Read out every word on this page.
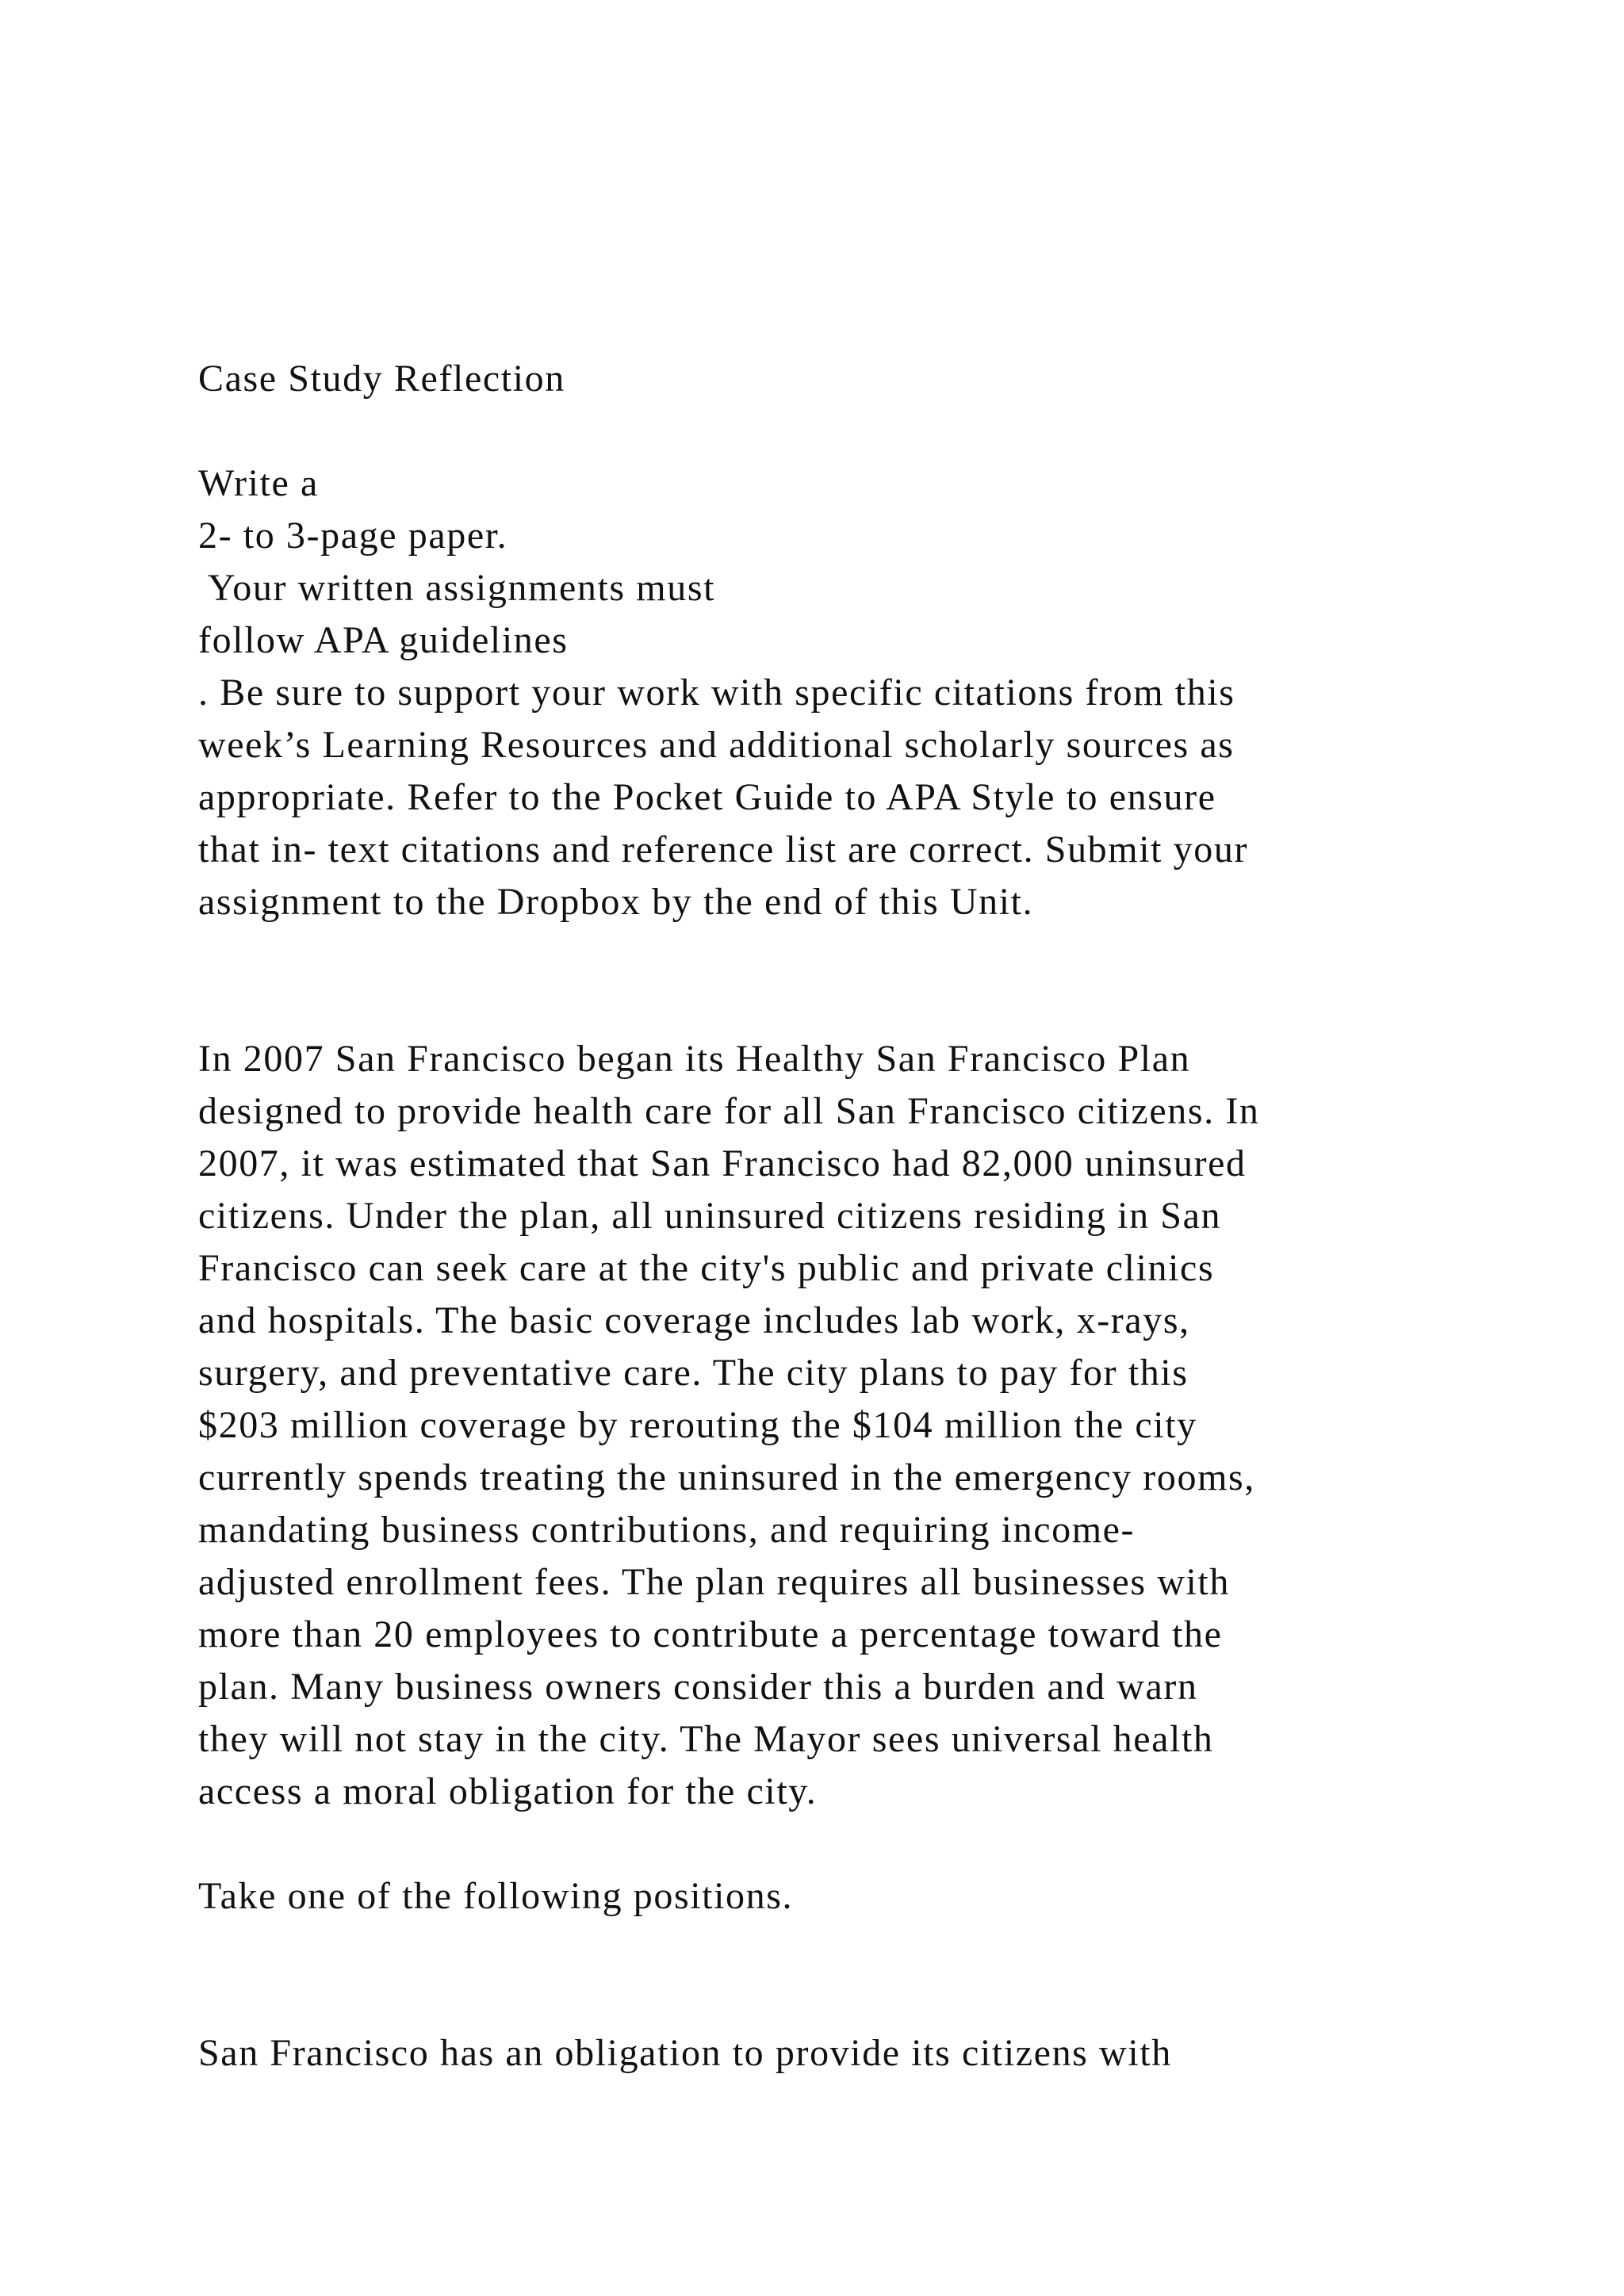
Case Study Reflection

Write a

2- to 3-page paper.

Your written assignments must

follow APA guidelines

. Be sure to support your work with specific citations from this

week’s Learning Resources and additional scholarly sources as

appropriate. Refer to the Pocket Guide to APA Style to ensure

that in- text citations and reference list are correct. Submit your

assignment to the Dropbox by the end of this Unit.

In 2007 San Francisco began its Healthy San Francisco Plan

designed to provide health care for all San Francisco citizens. In

2007, it was estimated that San Francisco had 82,000 uninsured

citizens. Under the plan, all uninsured citizens residing in San

Francisco can seek care at the city's public and private clinics

and hospitals. The basic coverage includes lab work, x-rays,

surgery, and preventative care. The city plans to pay for this

$203 million coverage by rerouting the $104 million the city

currently spends treating the uninsured in the emergency rooms,

mandating business contributions, and requiring income-

adjusted enrollment fees. The plan requires all businesses with

more than 20 employees to contribute a percentage toward the

plan. Many business owners consider this a burden and warn

they will not stay in the city. The Mayor sees universal health

access a moral obligation for the city.

Take one of the following positions.

San Francisco has an obligation to provide its citizens with
